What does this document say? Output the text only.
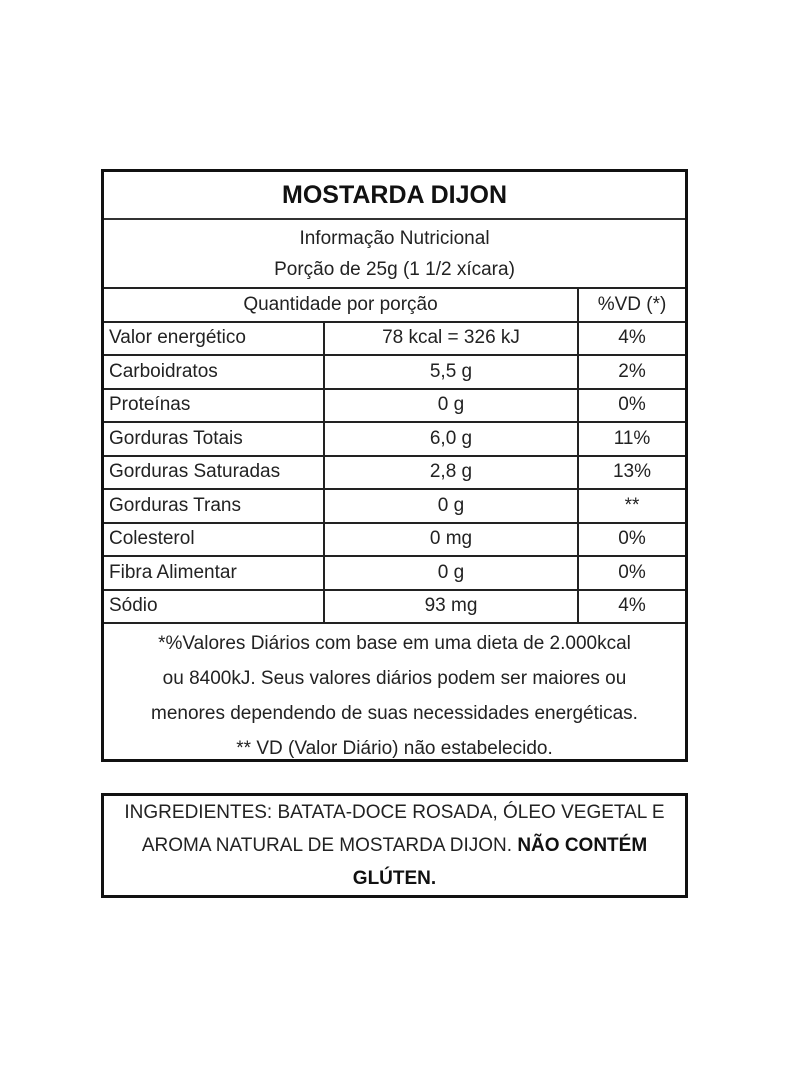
MOSTARDA DIJON
Informação Nutricional
Porção de 25g (1 1/2 xícara)
Quantidade por porção		%VD (*)
Valor energético	78 kcal = 326 kJ	4%
Carboidratos	5,5 g	2%
Proteínas	0 g	0%
Gorduras Totais	6,0 g	11%
Gorduras Saturadas	2,8 g	13%
Gorduras Trans	0 g	**
Colesterol	0 mg	0%
Fibra Alimentar	0 g	0%
Sódio	93 mg	4%
*%Valores Diários com base em uma dieta de 2.000kcal
ou 8400kJ. Seus valores diários podem ser maiores ou
menores dependendo de suas necessidades energéticas.
** VD (Valor Diário) não estabelecido.
INGREDIENTES: BATATA-DOCE ROSADA, ÓLEO VEGETAL E AROMA NATURAL DE MOSTARDA DIJON. NÃO CONTÉM GLÚTEN.
